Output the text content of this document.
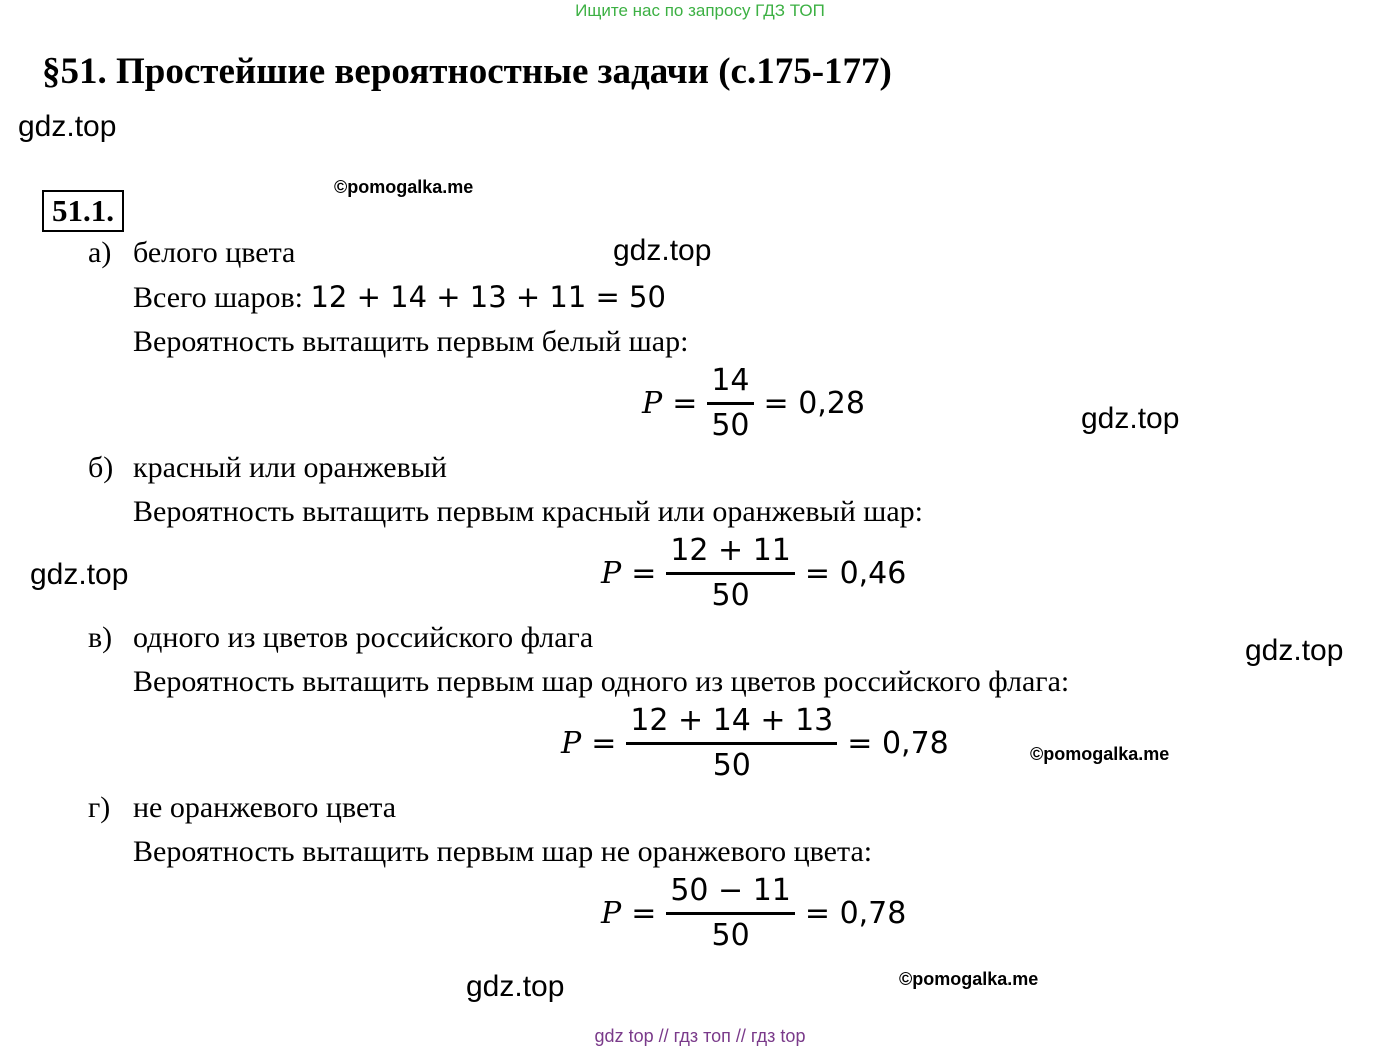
Ищите нас по запросу ГДЗ ТОП
§51. Простейшие вероятностные задачи (с.175-177)
gdz.top
gdz.top
gdz.top
gdz.top
gdz.top
gdz.top
©pomogalka.me
©pomogalka.me
©pomogalka.me
51.1.
а) белого цвета
Всего шаров: 12 + 14 + 13 + 11 = 50
Вероятность вытащить первым белый шар:
$P = \frac{14}{50} = 0,28$
б) красный или оранжевый
Вероятность вытащить первым красный или оранжевый шар:
$P = \frac{12 + 11}{50} = 0,46$
в) одного из цветов российского флага
Вероятность вытащить первым шар одного из цветов российского флага:
$P = \frac{12 + 14 + 13}{50} = 0,78$
г) не оранжевого цвета
Вероятность вытащить первым шар не оранжевого цвета:
$P = \frac{50 - 11}{50} = 0,78$
gdz top // гдз топ // гдз top
